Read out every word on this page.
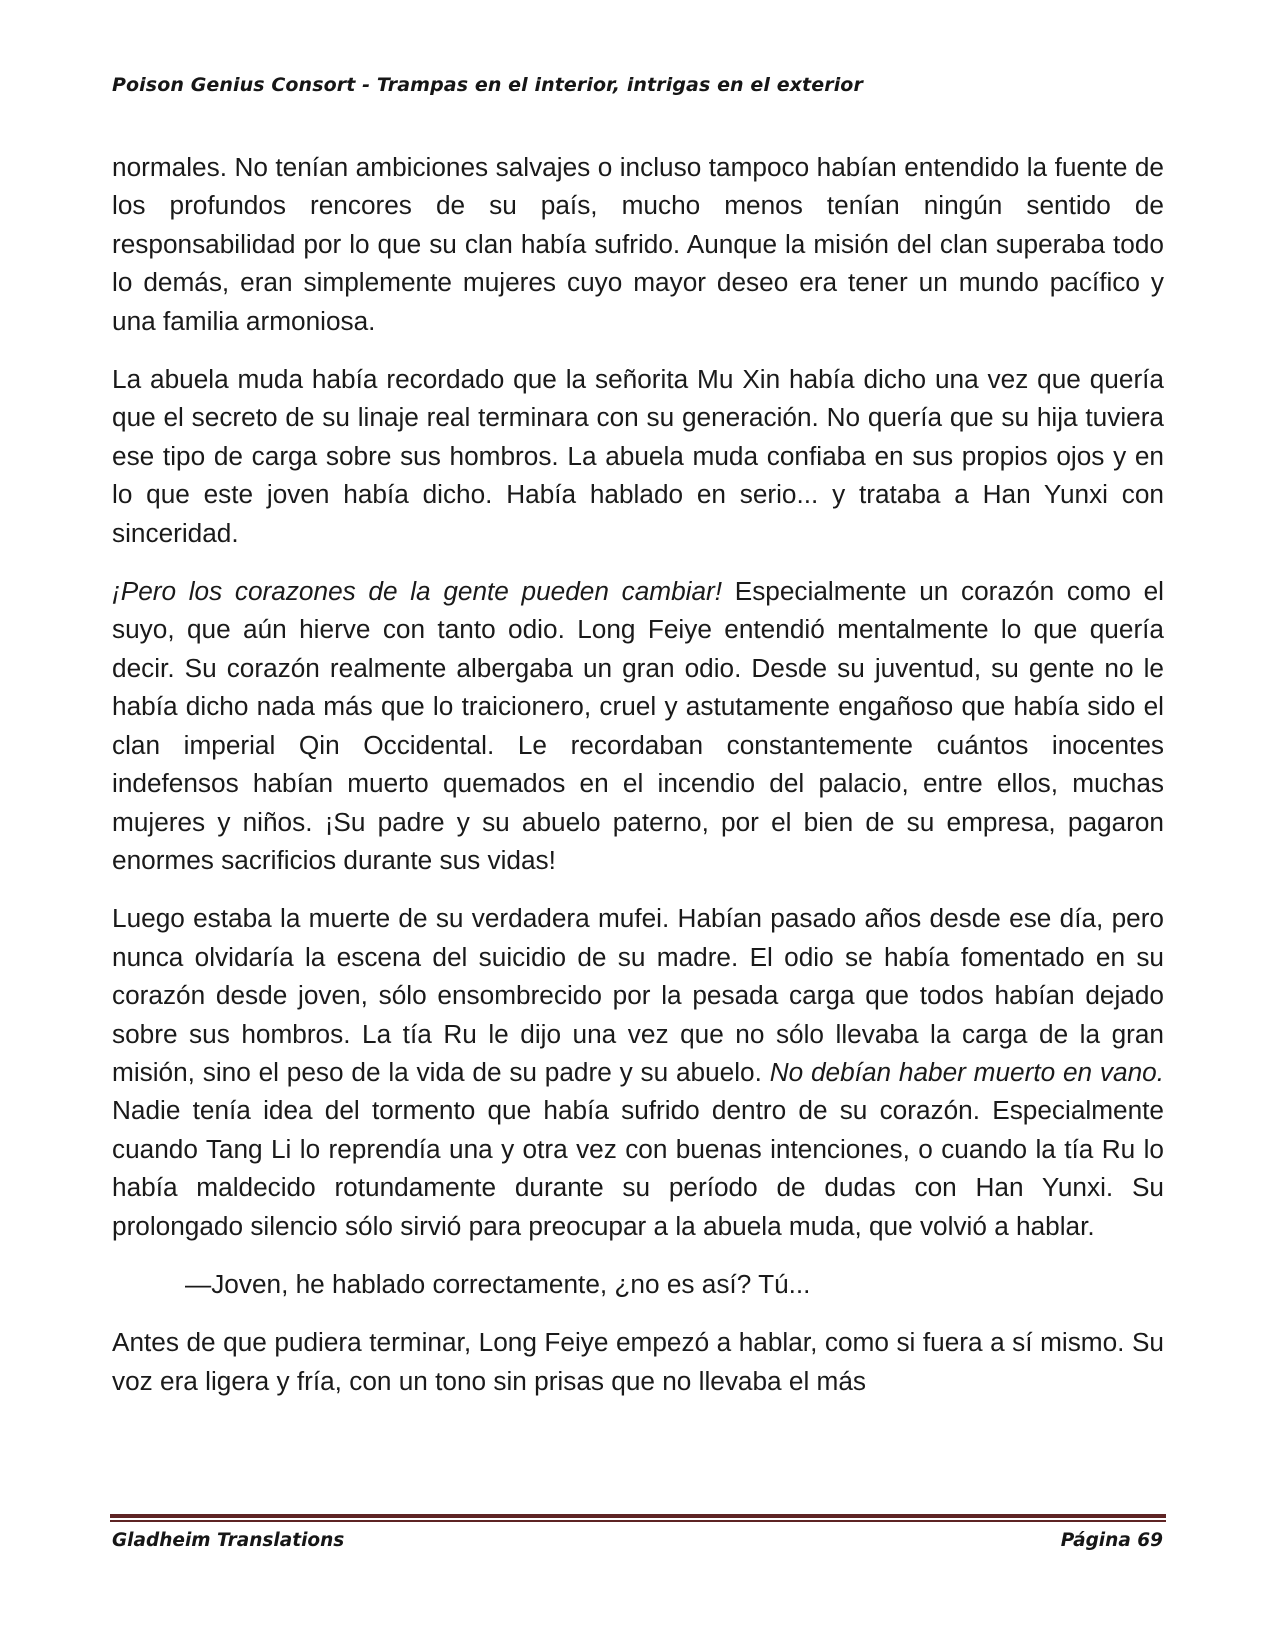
Poison Genius Consort - Trampas en el interior, intrigas en el exterior

normales. No tenían ambiciones salvajes o incluso tampoco habían entendido la fuente de los profundos rencores de su país, mucho menos tenían ningún sentido de responsabilidad por lo que su clan había sufrido. Aunque la misión del clan superaba todo lo demás, eran simplemente mujeres cuyo mayor deseo era tener un mundo pacífico y una familia armoniosa.

La abuela muda había recordado que la señorita Mu Xin había dicho una vez que quería que el secreto de su linaje real terminara con su generación. No quería que su hija tuviera ese tipo de carga sobre sus hombros. La abuela muda confiaba en sus propios ojos y en lo que este joven había dicho. Había hablado en serio... y trataba a Han Yunxi con sinceridad.

¡Pero los corazones de la gente pueden cambiar! Especialmente un corazón como el suyo, que aún hierve con tanto odio. Long Feiye entendió mentalmente lo que quería decir. Su corazón realmente albergaba un gran odio. Desde su juventud, su gente no le había dicho nada más que lo traicionero, cruel y astutamente engañoso que había sido el clan imperial Qin Occidental. Le recordaban constantemente cuántos inocentes indefensos habían muerto quemados en el incendio del palacio, entre ellos, muchas mujeres y niños. ¡Su padre y su abuelo paterno, por el bien de su empresa, pagaron enormes sacrificios durante sus vidas!

Luego estaba la muerte de su verdadera mufei. Habían pasado años desde ese día, pero nunca olvidaría la escena del suicidio de su madre. El odio se había fomentado en su corazón desde joven, sólo ensombrecido por la pesada carga que todos habían dejado sobre sus hombros. La tía Ru le dijo una vez que no sólo llevaba la carga de la gran misión, sino el peso de la vida de su padre y su abuelo. No debían haber muerto en vano. Nadie tenía idea del tormento que había sufrido dentro de su corazón. Especialmente cuando Tang Li lo reprendía una y otra vez con buenas intenciones, o cuando la tía Ru lo había maldecido rotundamente durante su período de dudas con Han Yunxi. Su prolongado silencio sólo sirvió para preocupar a la abuela muda, que volvió a hablar.

—Joven, he hablado correctamente, ¿no es así? Tú...

Antes de que pudiera terminar, Long Feiye empezó a hablar, como si fuera a sí mismo. Su voz era ligera y fría, con un tono sin prisas que no llevaba el más

Gladheim Translations	Página 69
